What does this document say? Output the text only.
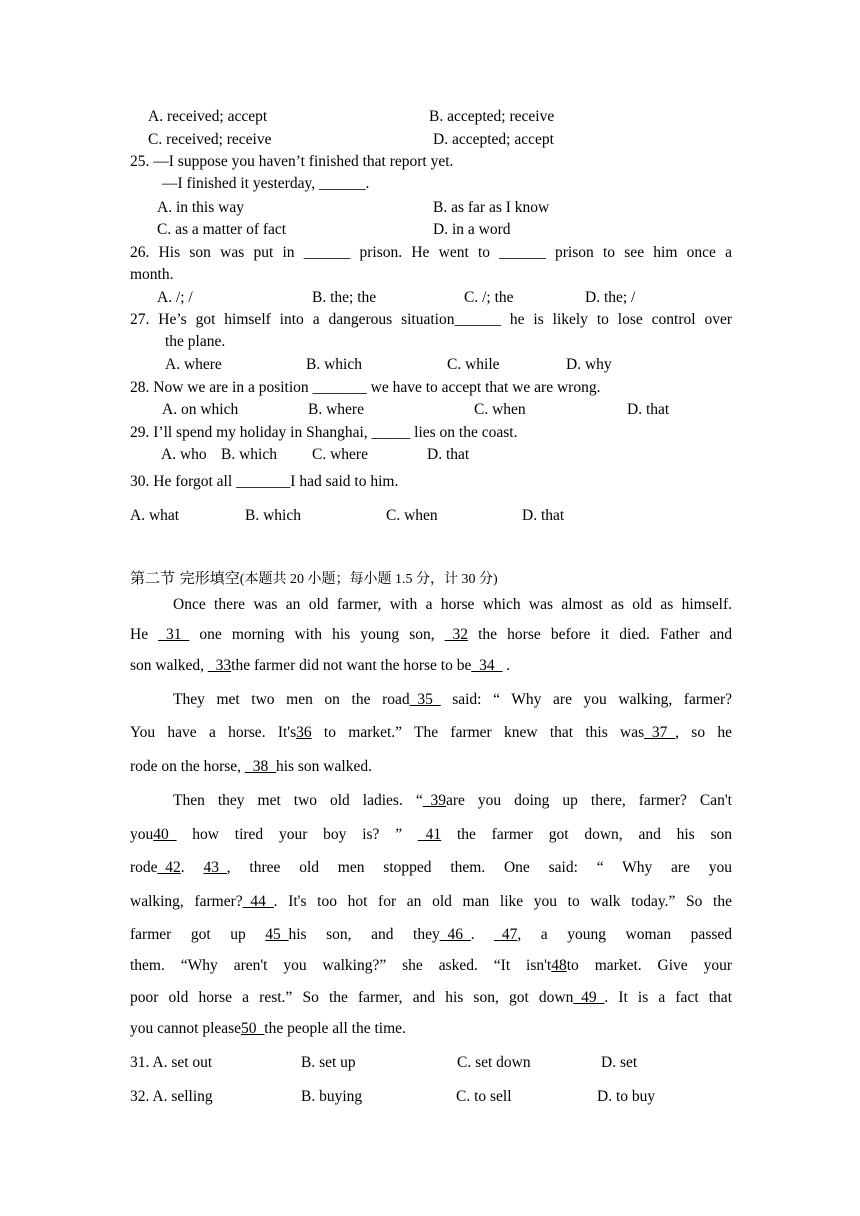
A. received; accept	B. accepted; receive
C. received; receive	D. accepted; accept
25. —I suppose you haven’t finished that report yet.
—I finished it yesterday, ______.
A. in this way	B. as far as I know
C. as a matter of fact	D. in a word
26. His son was put in ______ prison. He went to ______ prison to see him once a
month.
A. /; /	B. the; the	C. /; the	D. the; /
27. He’s got himself into a dangerous situation______ he is likely to lose control over
the plane.
A. where	B. which	C. while	D. why
28. Now we are in a position _______ we have to accept that we are wrong.
A. on which	B. where	C. when	D. that
29. I’ll spend my holiday in Shanghai, _____ lies on the coast.
A. who B. which C. where	D. that
30. He forgot all _______I had said to him.
A. what	B. which	C. when	D. that
第二节 完形填空(本题共 20 小题；每小题 1.5 分，计 30 分)
Once there was an old farmer, with a horse which was almost as old as himself.
He _31_ one morning with his young son, _32 the horse before it died. Father and
son walked, _33the farmer did not want the horse to be_34_ .
They met two men on the road_35_ said: “ Why are you walking, farmer?
You have a horse. It's36 to market.” The farmer knew that this was_37_, so he
rode on the horse, _38_his son walked.
Then they met two old ladies. “_39are you doing up there, farmer? Can't
you40_ how tired your boy is? ” _41 the farmer got down, and his son
rode_42. 43_, three old men stopped them. One said: “ Why are you
walking, farmer?_44_. It's too hot for an old man like you to walk today.” So the
farmer got up 45_his son, and they_46_. _47, a young woman passed
them. “Why aren't you walking?” she asked. “It isn't48to market. Give your
poor old horse a rest.” So the farmer, and his son, got down_49_. It is a fact that
you cannot please50_the people all the time.
31. A. set out	B. set up	C. set down	D. set
32. A. selling	B. buying	C. to sell	D. to buy
